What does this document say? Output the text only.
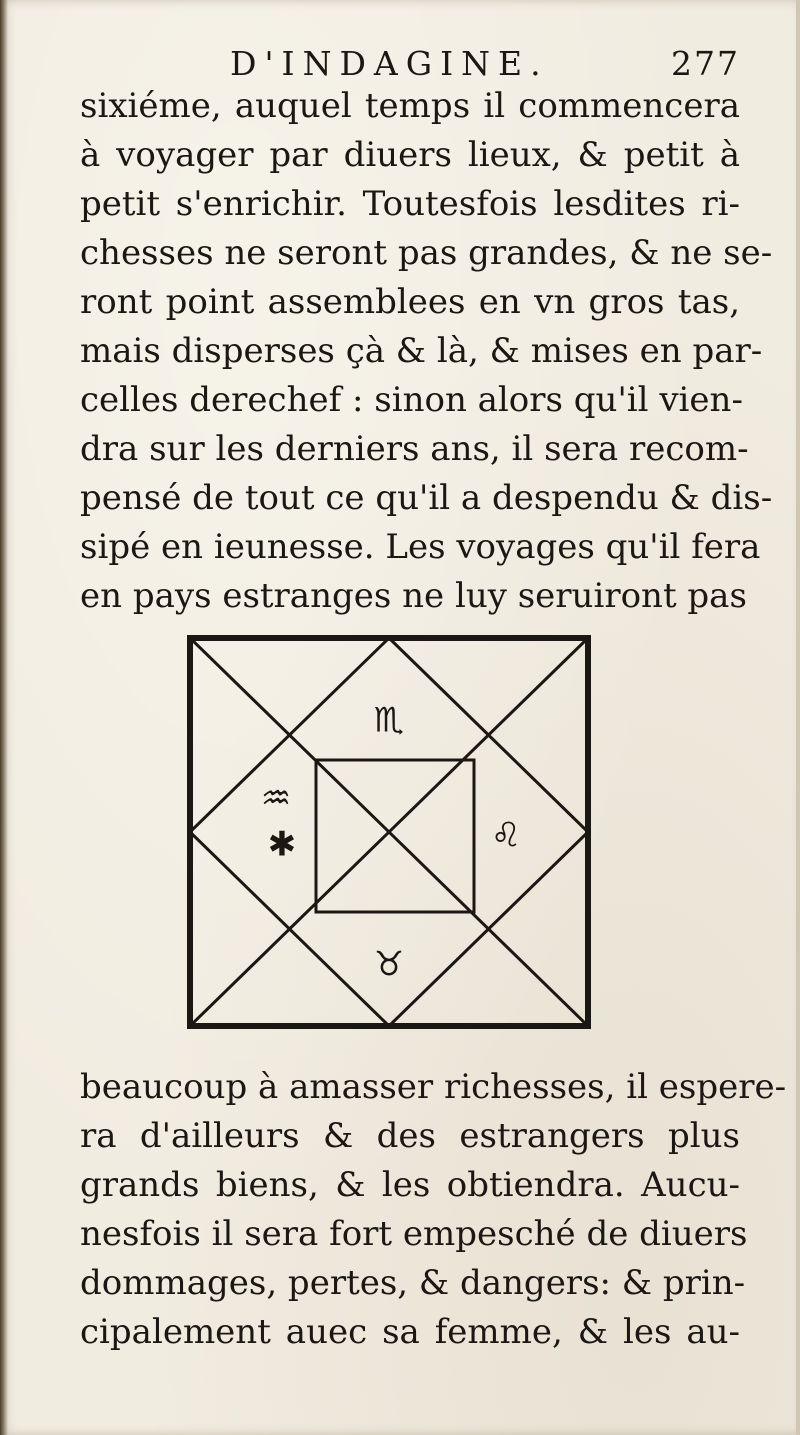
D'INDAGINE.	277
sixiéme, auquel temps il commencera
à voyager par diuers lieux, & petit à
petit s'enrichir. Toutesfois lesdites ri-
chesses ne seront pas grandes, & ne se-
ront point assemblees en vn gros tas,
mais disperses çà & là, & mises en par-
celles derechef : sinon alors qu'il vien-
dra sur les derniers ans, il sera recom-
pensé de tout ce qu'il a despendu & dis-
sipé en ieunesse. Les voyages qu'il fera
en pays estranges ne luy seruiront pas
♏
♒
✱	♌
♉
beaucoup à amasser richesses, il espere-
ra d'ailleurs & des estrangers plus
grands biens, & les obtiendra. Aucu-
nesfois il sera fort empesché de diuers
dommages, pertes, & dangers: & prin-
cipalement auec sa femme, & les au-
